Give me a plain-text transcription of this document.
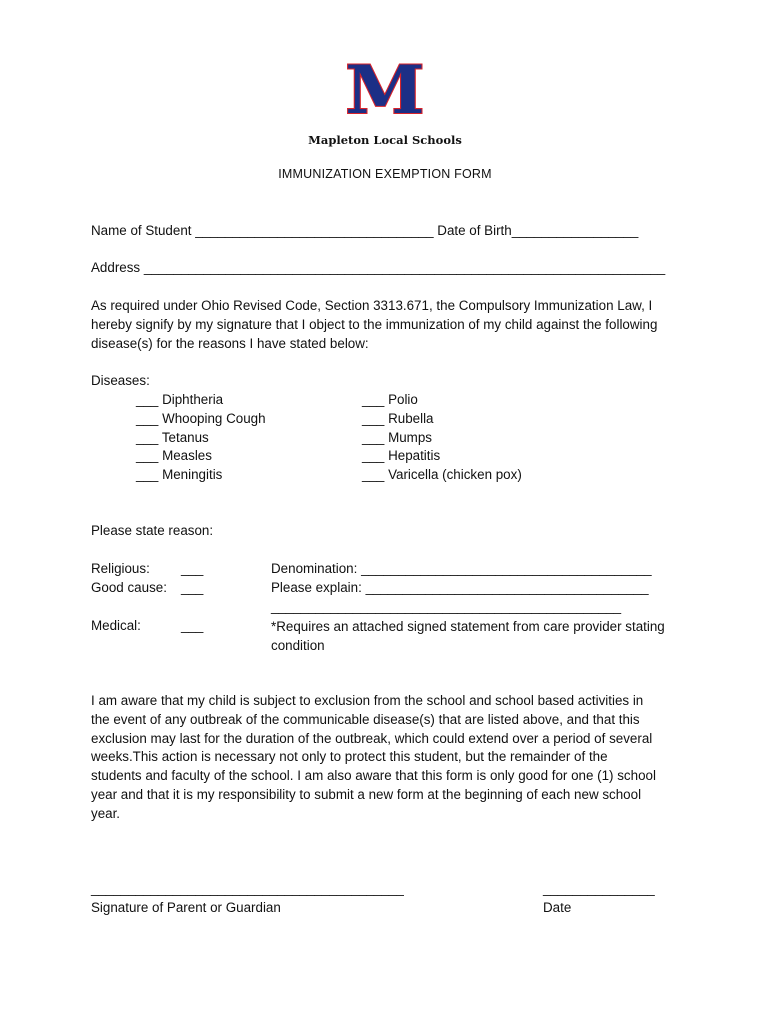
M
Mapleton Local Schools
IMMUNIZATION EXEMPTION FORM
Name of Student ________________________________ Date of Birth_________________
Address ______________________________________________________________________
As required under Ohio Revised Code, Section 3313.671, the Compulsory Immunization Law, I
hereby signify by my signature that I object to the immunization of my child against the following
disease(s) for the reasons I have stated below:
Diseases:
___ Diphtheria
___ Whooping Cough
___ Tetanus
___ Measles
___ Meningitis
___ Polio
___ Rubella
___ Mumps
___ Hepatitis
___ Varicella (chicken pox)
Please state reason:
Religious: ___	Denomination: _______________________________________
Good cause: ___	Please explain: ______________________________________
_______________________________________________
Medical:	___	*Requires an attached signed statement from care provider stating
condition
I am aware that my child is subject to exclusion from the school and school based activities in
the event of any outbreak of the communicable disease(s) that are listed above, and that this
exclusion may last for the duration of the outbreak, which could extend over a period of several
weeks.This action is necessary not only to protect this student, but the remainder of the
students and faculty of the school. I am also aware that this form is only good for one (1) school
year and that it is my responsibility to submit a new form at the beginning of each new school
year.
__________________________________________
Signature of Parent or Guardian
_______________
Date
